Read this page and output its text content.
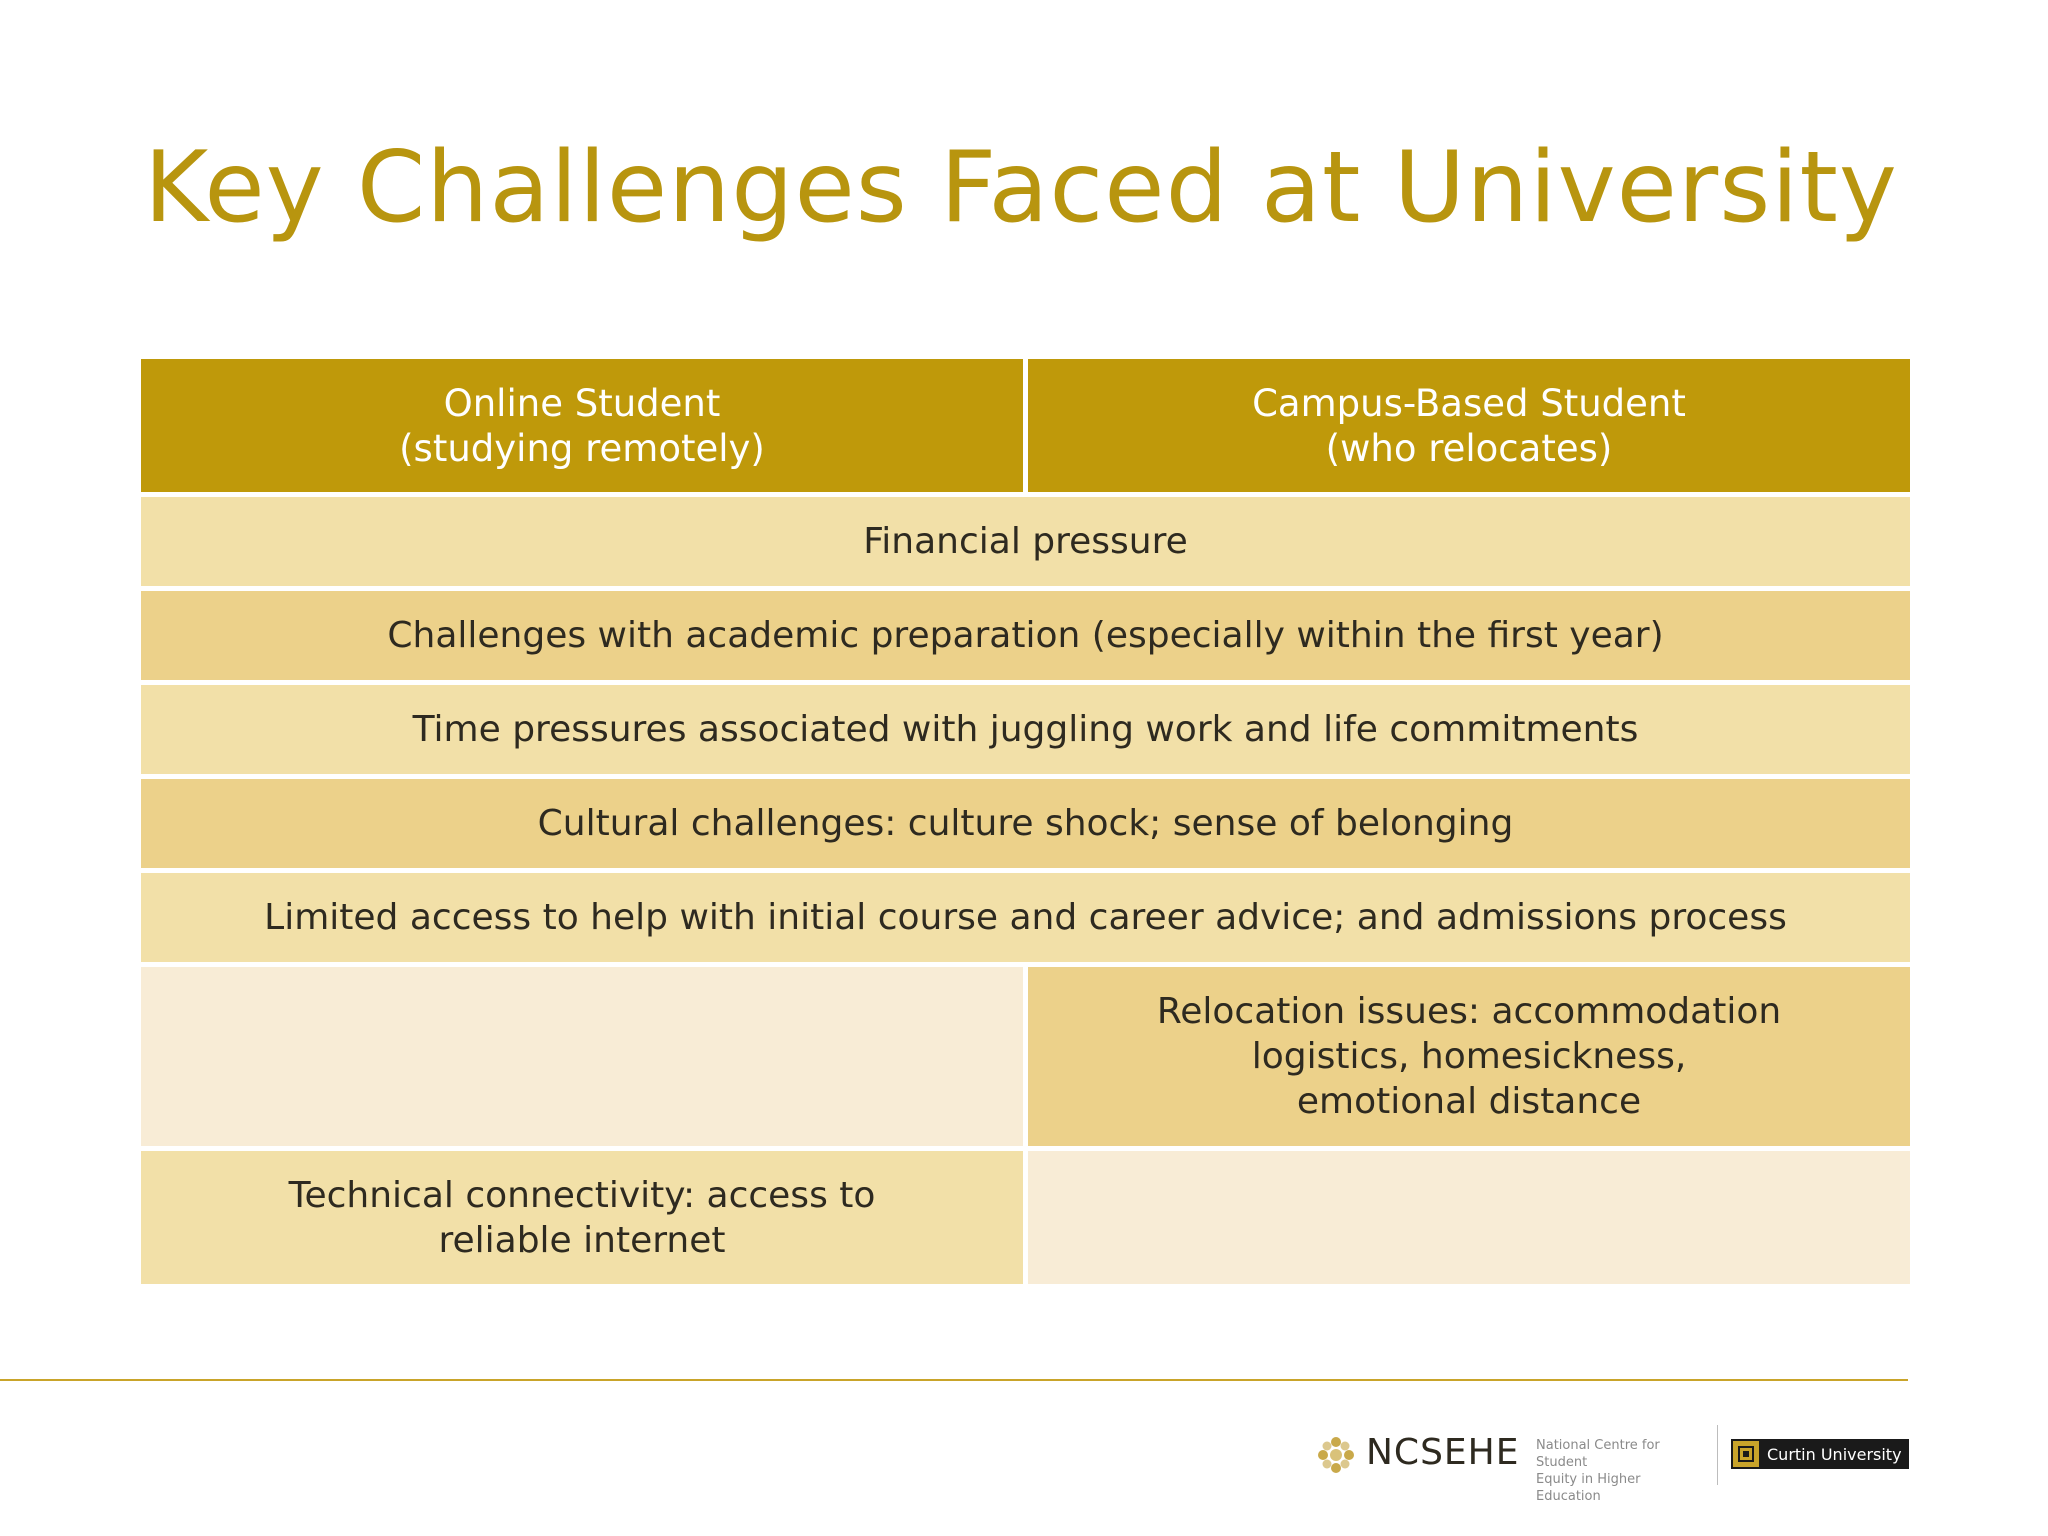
Key Challenges Faced at University
Online Student
(studying remotely)
Campus-Based Student
(who relocates)
Financial pressure
Challenges with academic preparation (especially within the first year)
Time pressures associated with juggling work and life commitments
Cultural challenges: culture shock; sense of belonging
Limited access to help with initial course and career advice; and admissions process
Relocation issues: accommodation
logistics, homesickness,
emotional distance
Technical connectivity: access to
reliable internet
NCSEHE National Centre for Student
Equity in Higher Education
Curtin University
